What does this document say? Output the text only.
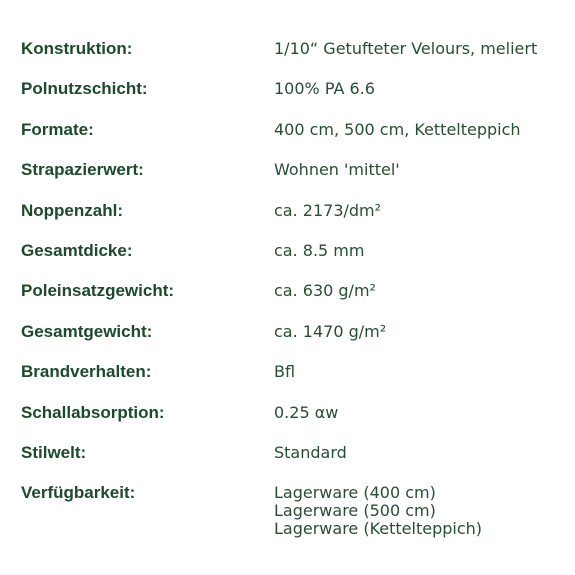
Konstruktion:	1/10“ Getufteter Velours, meliert
Polnutzschicht:	100% PA 6.6
Formate:	400 cm, 500 cm, Kettelteppich
Strapazierwert:	Wohnen 'mittel'
Noppenzahl:	ca. 2173/dm²
Gesamtdicke:	ca. 8.5 mm
Poleinsatzgewicht:	ca. 630 g/m²
Gesamtgewicht:	ca. 1470 g/m²
Brandverhalten:	Bfl
Schallabsorption:	0.25 αw
Stilwelt:	Standard
Verfügbarkeit:	Lagerware (400 cm)
Lagerware (500 cm)
Lagerware (Kettelteppich)
